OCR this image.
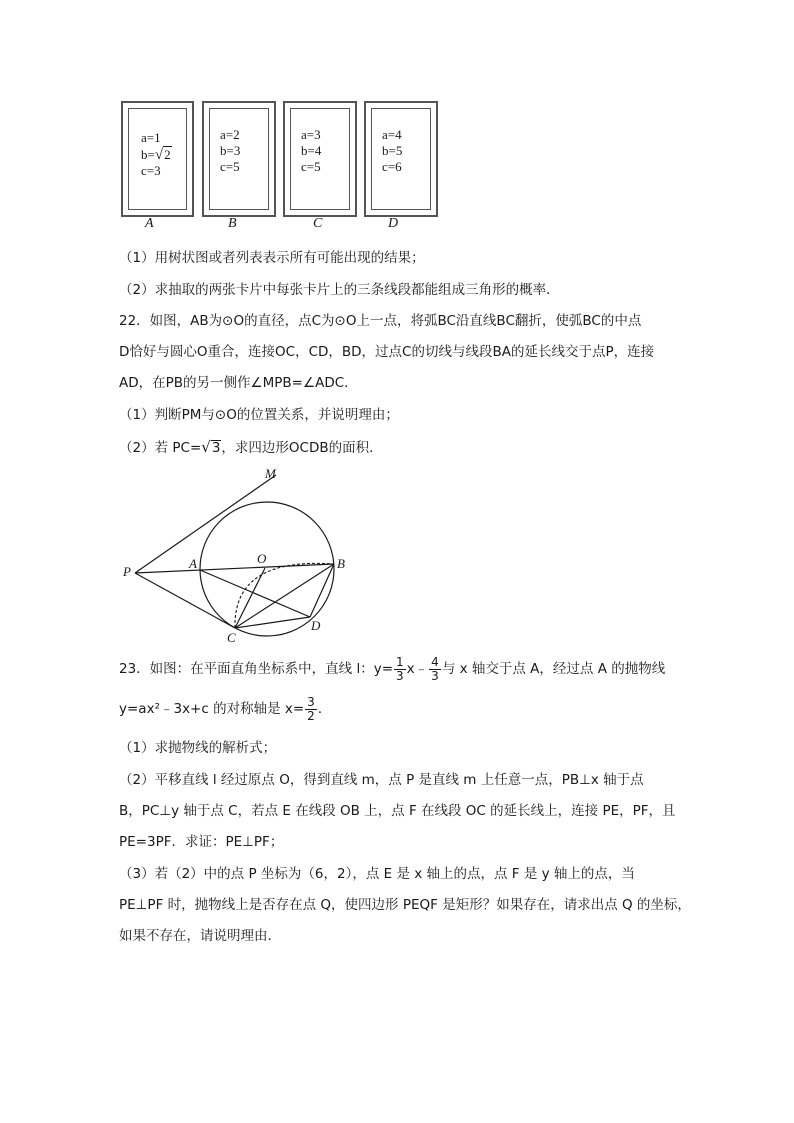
a=1
b=√2
c=3
a=2
b=3
c=5
a=3
b=4
c=5
a=4
b=5
c=6
A	B	C	D
（1）用树状图或者列表表示所有可能出现的结果；
（2）求抽取的两张卡片中每张卡片上的三条线段都能组成三角形的概率．
22．如图，AB为⊙O的直径，点C为⊙O上一点，将弧BC沿直线BC翻折，使弧BC的中点
D恰好与圆心O重合，连接OC，CD，BD，过点C的切线与线段BA的延长线交于点P，连接
AD，在PB的另一侧作∠MPB=∠ADC．
（1）判断PM与⊙O的位置关系，并说明理由；
（2）若 PC=√3，求四边形OCDB的面积．
M
P
A	O	B
C
D
23．如图：在平面直角坐标系中，直线 l：$y= \frac{1}{3}$ x﹣ $\frac{4}{3}$ 与 x 轴交于点 A，经过点 A 的抛物线
y=ax²﹣3x+c 的对称轴是 $x= \frac{3}{2}$ ．
（1）求抛物线的解析式；
（2）平移直线 l 经过原点 O，得到直线 m，点 P 是直线 m 上任意一点，PB⊥x 轴于点
B，PC⊥y 轴于点 C，若点 E 在线段 OB 上，点 F 在线段 OC 的延长线上，连接 PE，PF，且
PE=3PF．求证：PE⊥PF；
（3）若（2）中的点 P 坐标为（6，2），点 E 是 x 轴上的点，点 F 是 y 轴上的点，当
PE⊥PF 时，抛物线上是否存在点 Q，使四边形 PEQF 是矩形？如果存在，请求出点 Q 的坐标，
如果不存在，请说明理由．
